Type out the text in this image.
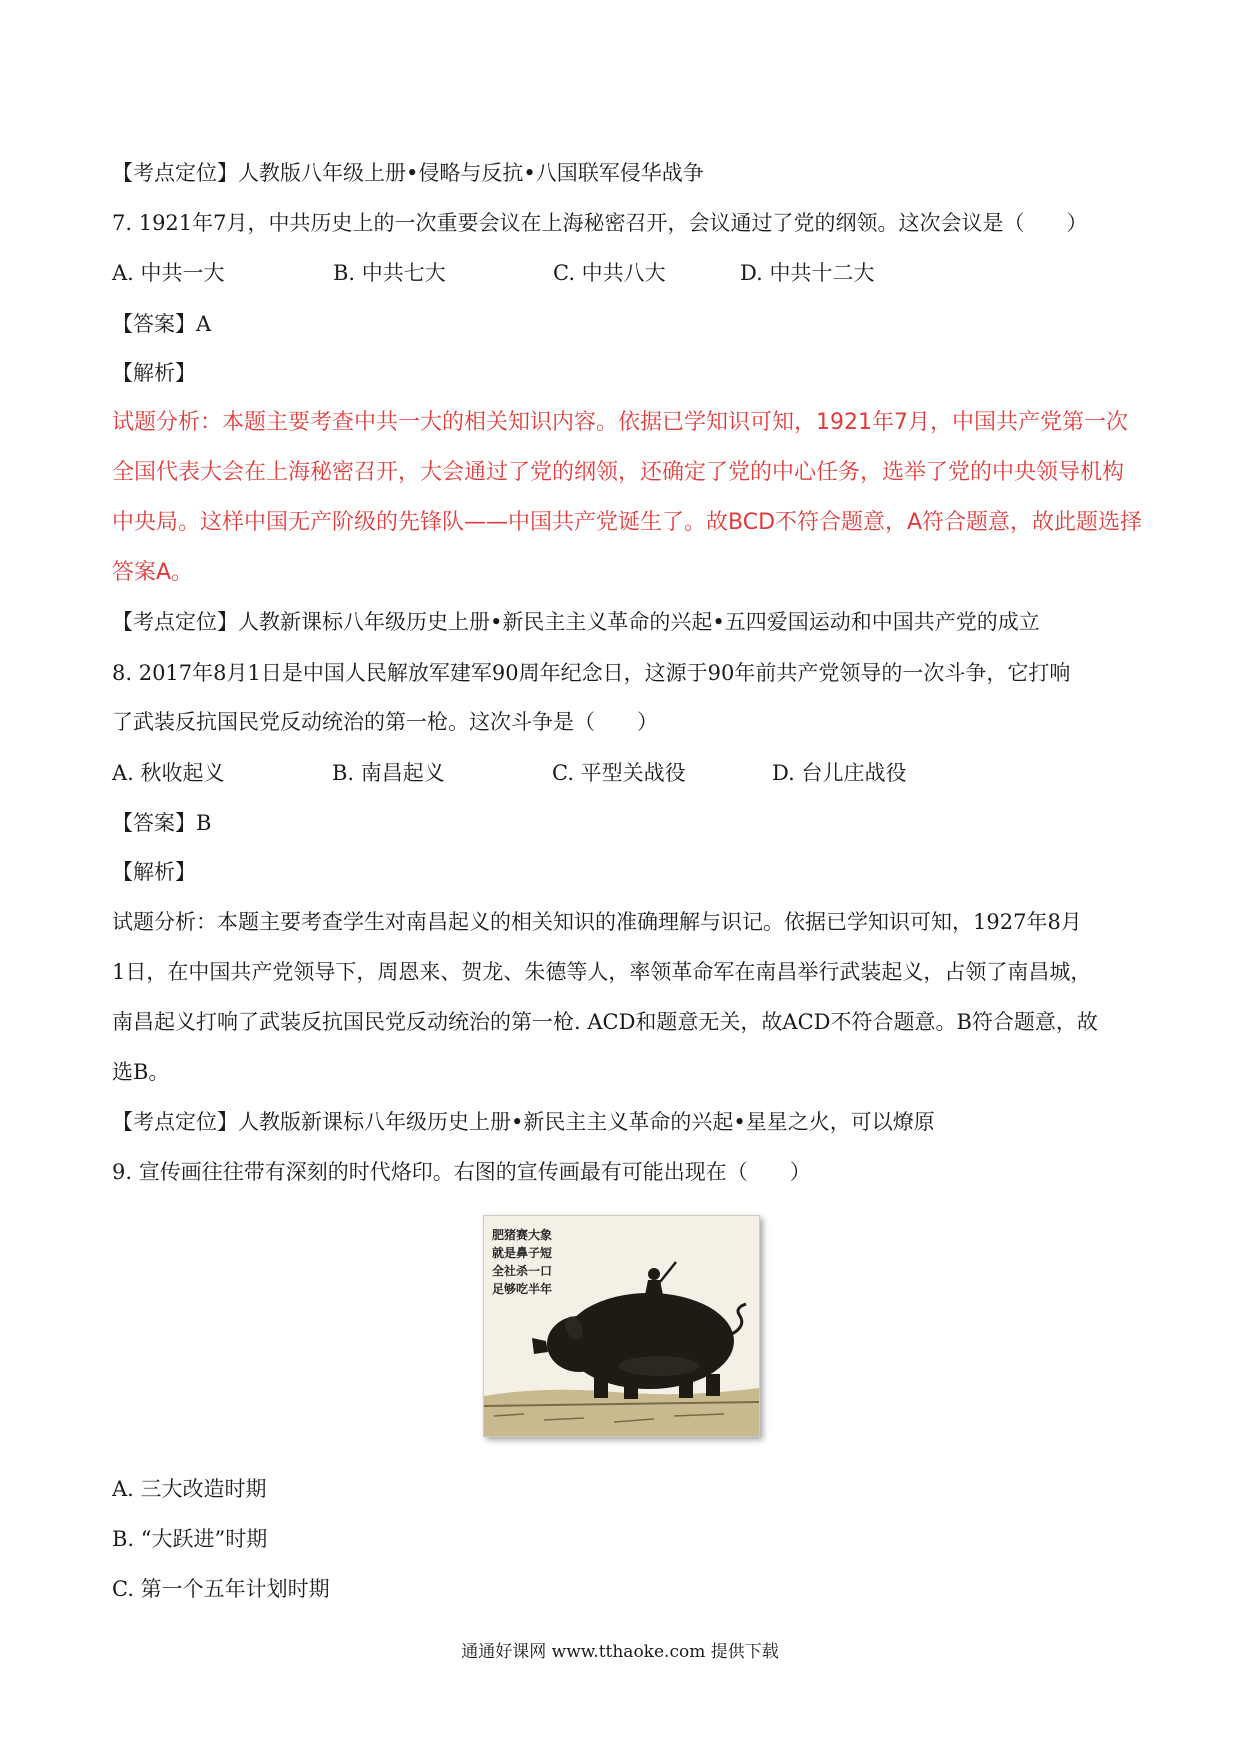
【考点定位】人教版八年级上册•侵略与反抗•八国联军侵华战争
7. 1921年7月，中共历史上的一次重要会议在上海秘密召开，会议通过了党的纲领。这次会议是（　　）
A. 中共一大	B. 中共七大	C. 中共八大	D. 中共十二大
【答案】A
【解析】
试题分析：本题主要考查中共一大的相关知识内容。依据已学知识可知，1921年7月，中国共产党第一次
全国代表大会在上海秘密召开，大会通过了党的纲领，还确定了党的中心任务，选举了党的中央领导机构
中央局。这样中国无产阶级的先锋队——中国共产党诞生了。故BCD不符合题意，A符合题意，故此题选择
答案A。
【考点定位】人教新课标八年级历史上册•新民主主义革命的兴起•五四爱国运动和中国共产党的成立
8. 2017年8月1日是中国人民解放军建军90周年纪念日，这源于90年前共产党领导的一次斗争，它打响
了武装反抗国民党反动统治的第一枪。这次斗争是（　　）
A. 秋收起义	B. 南昌起义	C. 平型关战役	D. 台儿庄战役
【答案】B
【解析】
试题分析：本题主要考查学生对南昌起义的相关知识的准确理解与识记。依据已学知识可知，1927年8月
1日，在中国共产党领导下，周恩来、贺龙、朱德等人，率领革命军在南昌举行武装起义，占领了南昌城，
南昌起义打响了武装反抗国民党反动统治的第一枪. ACD和题意无关，故ACD不符合题意。B符合题意，故
选B。
【考点定位】人教版新课标八年级历史上册•新民主主义革命的兴起•星星之火，可以燎原
9. 宣传画往往带有深刻的时代烙印。右图的宣传画最有可能出现在（　　）
肥猪赛大象
就是鼻子短
全社杀一口
足够吃半年
A. 三大改造时期
B. “大跃进”时期
C. 第一个五年计划时期
通通好课网 www.tthaoke.com 提供下载
